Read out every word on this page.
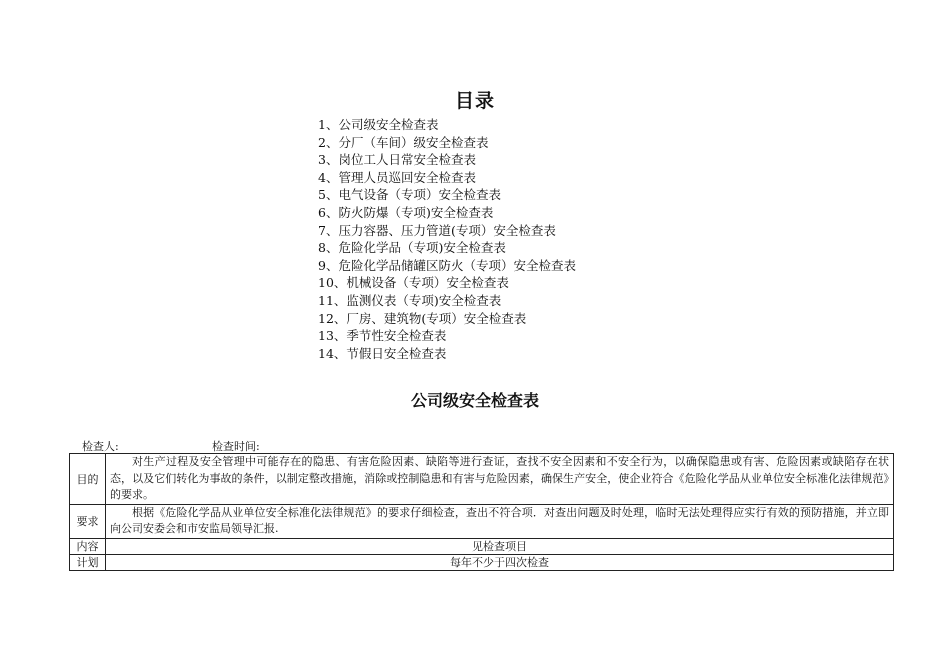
目录
1、公司级安全检查表
2、分厂（车间）级安全检查表
3、岗位工人日常安全检查表
4、管理人员巡回安全检查表
5、电气设备（专项）安全检查表
6、防火防爆（专项)安全检查表
7、压力容器、压力管道(专项）安全检查表
8、危险化学品（专项)安全检查表
9、危险化学品储罐区防火（专项）安全检查表
10、机械设备（专项）安全检查表
11、监测仪表（专项)安全检查表
12、厂房、建筑物(专项）安全检查表
13、季节性安全检查表
14、节假日安全检查表
公司级安全检查表
检查人:	检查时间:
目的	对生产过程及安全管理中可能存在的隐患、有害危险因素、缺陷等进行查证，查找不安全因素和不安全行为，以确保隐患或有害、危险因素或缺陷存在状态，以及它们转化为事故的条件，以制定整改措施，消除或控制隐患和有害与危险因素，确保生产安全，使企业符合《危险化学品从业单位安全标准化法律规范》的要求。
要求	根据《危险化学品从业单位安全标准化法律规范》的要求仔细检查，查出不符合项．对查出问题及时处理，临时无法处理得应实行有效的预防措施，并立即向公司安委会和市安监局领导汇报.
内容	见检查项目
计划	每年不少于四次检查
